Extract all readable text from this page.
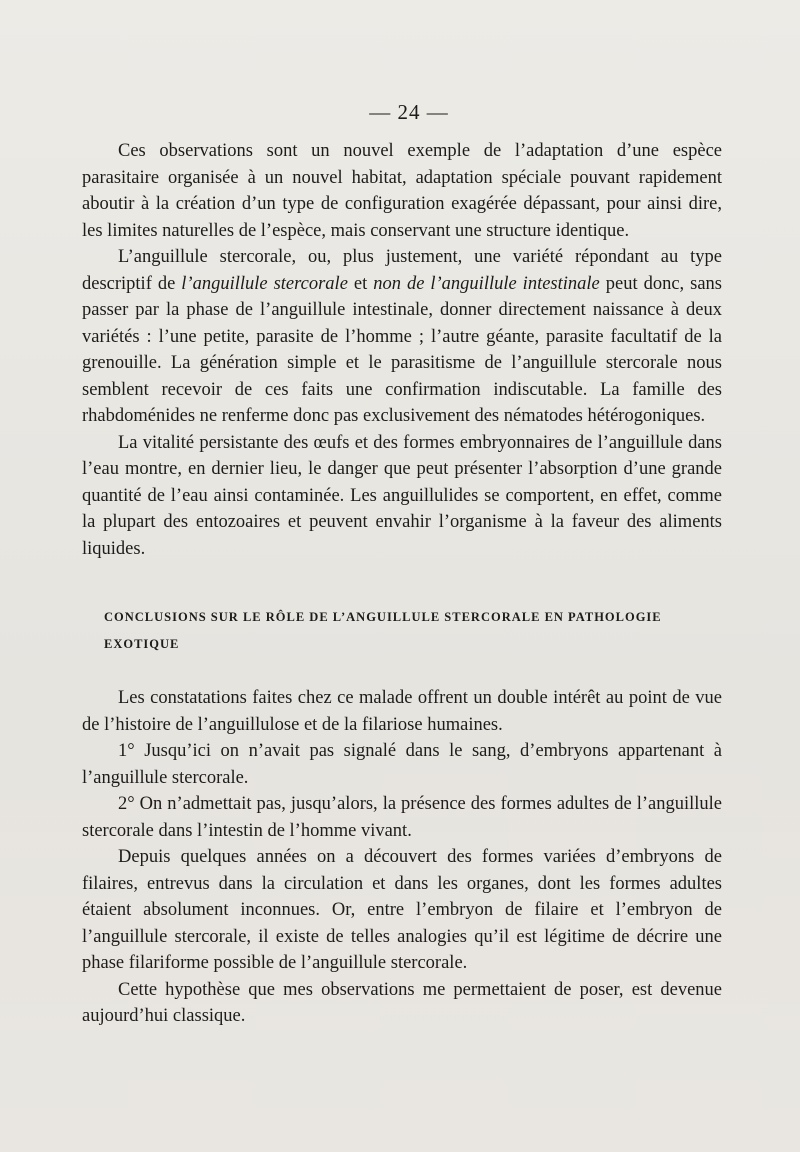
— 24 —

Ces observations sont un nouvel exemple de l’adaptation d’une espèce parasitaire organisée à un nouvel habitat, adaptation spéciale pouvant rapidement aboutir à la création d’un type de configuration exagérée dépassant, pour ainsi dire, les limites naturelles de l’espèce, mais conservant une structure identique.

L’anguillule stercorale, ou, plus justement, une variété répondant au type descriptif de l’anguillule stercorale et non de l’anguillule intestinale peut donc, sans passer par la phase de l’anguillule intestinale, donner directement naissance à deux variétés : l’une petite, parasite de l’homme ; l’autre géante, parasite facultatif de la grenouille. La génération simple et le parasitisme de l’anguillule stercorale nous semblent recevoir de ces faits une confirmation indiscutable. La famille des rhabdoménides ne renferme donc pas exclusivement des nématodes hétérogoniques.

La vitalité persistante des œufs et des formes embryonnaires de l’anguillule dans l’eau montre, en dernier lieu, le danger que peut présenter l’absorption d’une grande quantité de l’eau ainsi contaminée. Les anguillulides se comportent, en effet, comme la plupart des entozoaires et peuvent envahir l’organisme à la faveur des aliments liquides.

CONCLUSIONS SUR LE RÔLE DE L’ANGUILLULE STERCORALE EN PATHOLOGIE EXOTIQUE

Les constatations faites chez ce malade offrent un double intérêt au point de vue de l’histoire de l’anguillulose et de la filariose humaines.

1° Jusqu’ici on n’avait pas signalé dans le sang, d’embryons appartenant à l’anguillule stercorale.

2° On n’admettait pas, jusqu’alors, la présence des formes adultes de l’anguillule stercorale dans l’intestin de l’homme vivant.

Depuis quelques années on a découvert des formes variées d’embryons de filaires, entrevus dans la circulation et dans les organes, dont les formes adultes étaient absolument inconnues. Or, entre l’embryon de filaire et l’embryon de l’anguillule stercorale, il existe de telles analogies qu’il est légitime de décrire une phase filariforme possible de l’anguillule stercorale.

Cette hypothèse que mes observations me permettaient de poser, est devenue aujourd’hui classique.
